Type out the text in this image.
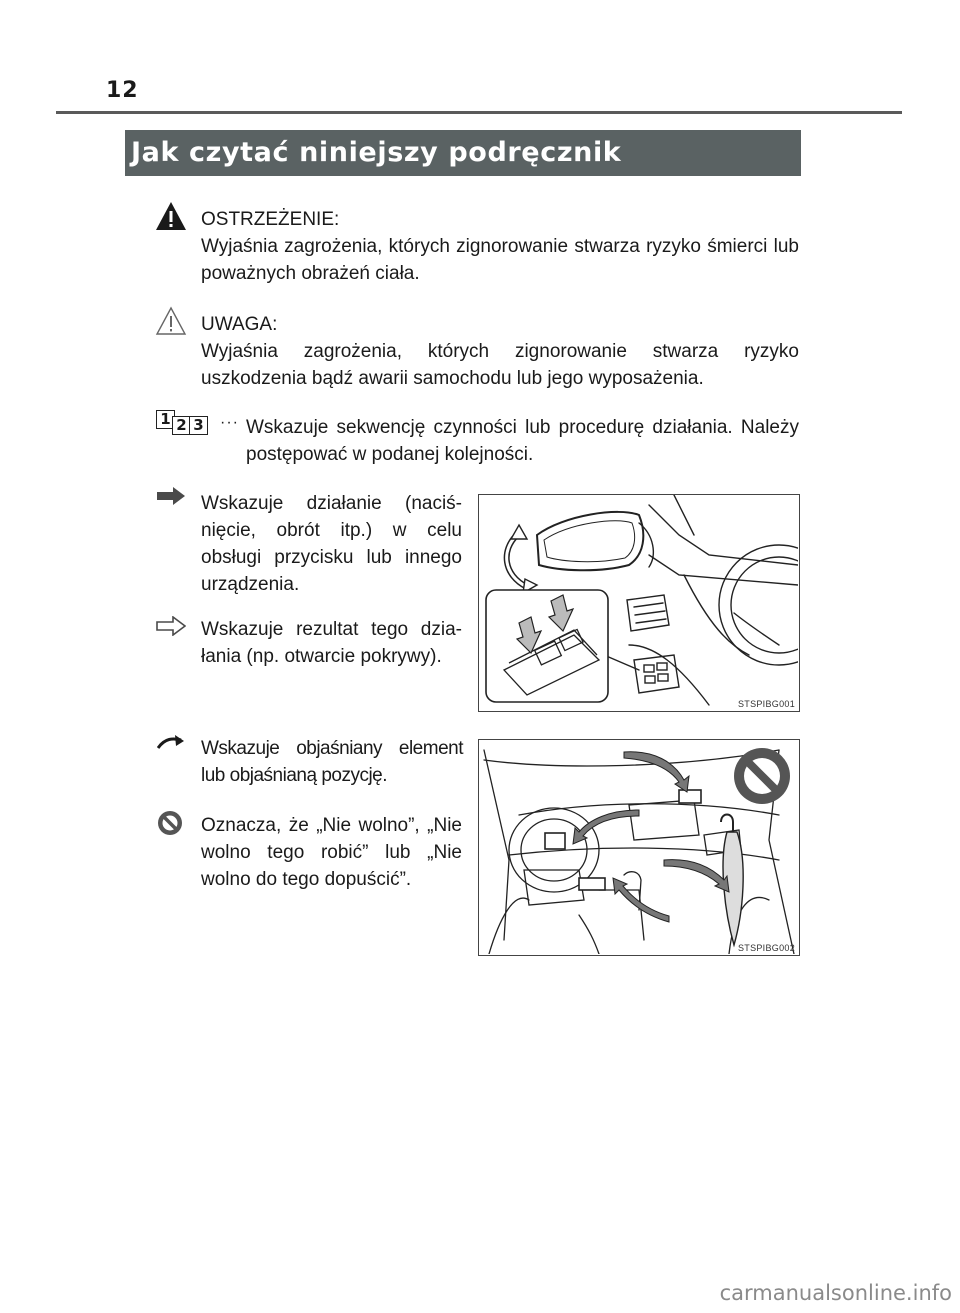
12
Jak czytać niniejszy podręcznik

OSTRZEŻENIE:

Wyjaśnia zagrożenia, których zignorowanie stwarza ryzyko śmierci lub poważnych obrażeń ciała.

UWAGA:

Wyjaśnia zagrożenia, których zignorowanie stwarza ryzyko uszkodzenia bądź awarii samochodu lub jego wyposażenia.

1 2 3 ··· Wskazuje sekwencję czynności lub procedurę działania. Należy postępować w podanej kolejności.
Wskazuje działanie (naciś-nięcie, obrót itp.) w celu obsługi przycisku lub innego urządzenia.
Wskazuje rezultat tego dzia-łania (np. otwarcie pokrywy).
STSPIBG001
Wskazuje objaśniany element lub objaśnianą pozycję.
Oznacza, że „Nie wolno”, „Nie wolno tego robić” lub „Nie wolno do tego dopuścić”.
STSPIBG002
carmanualsonline.info
